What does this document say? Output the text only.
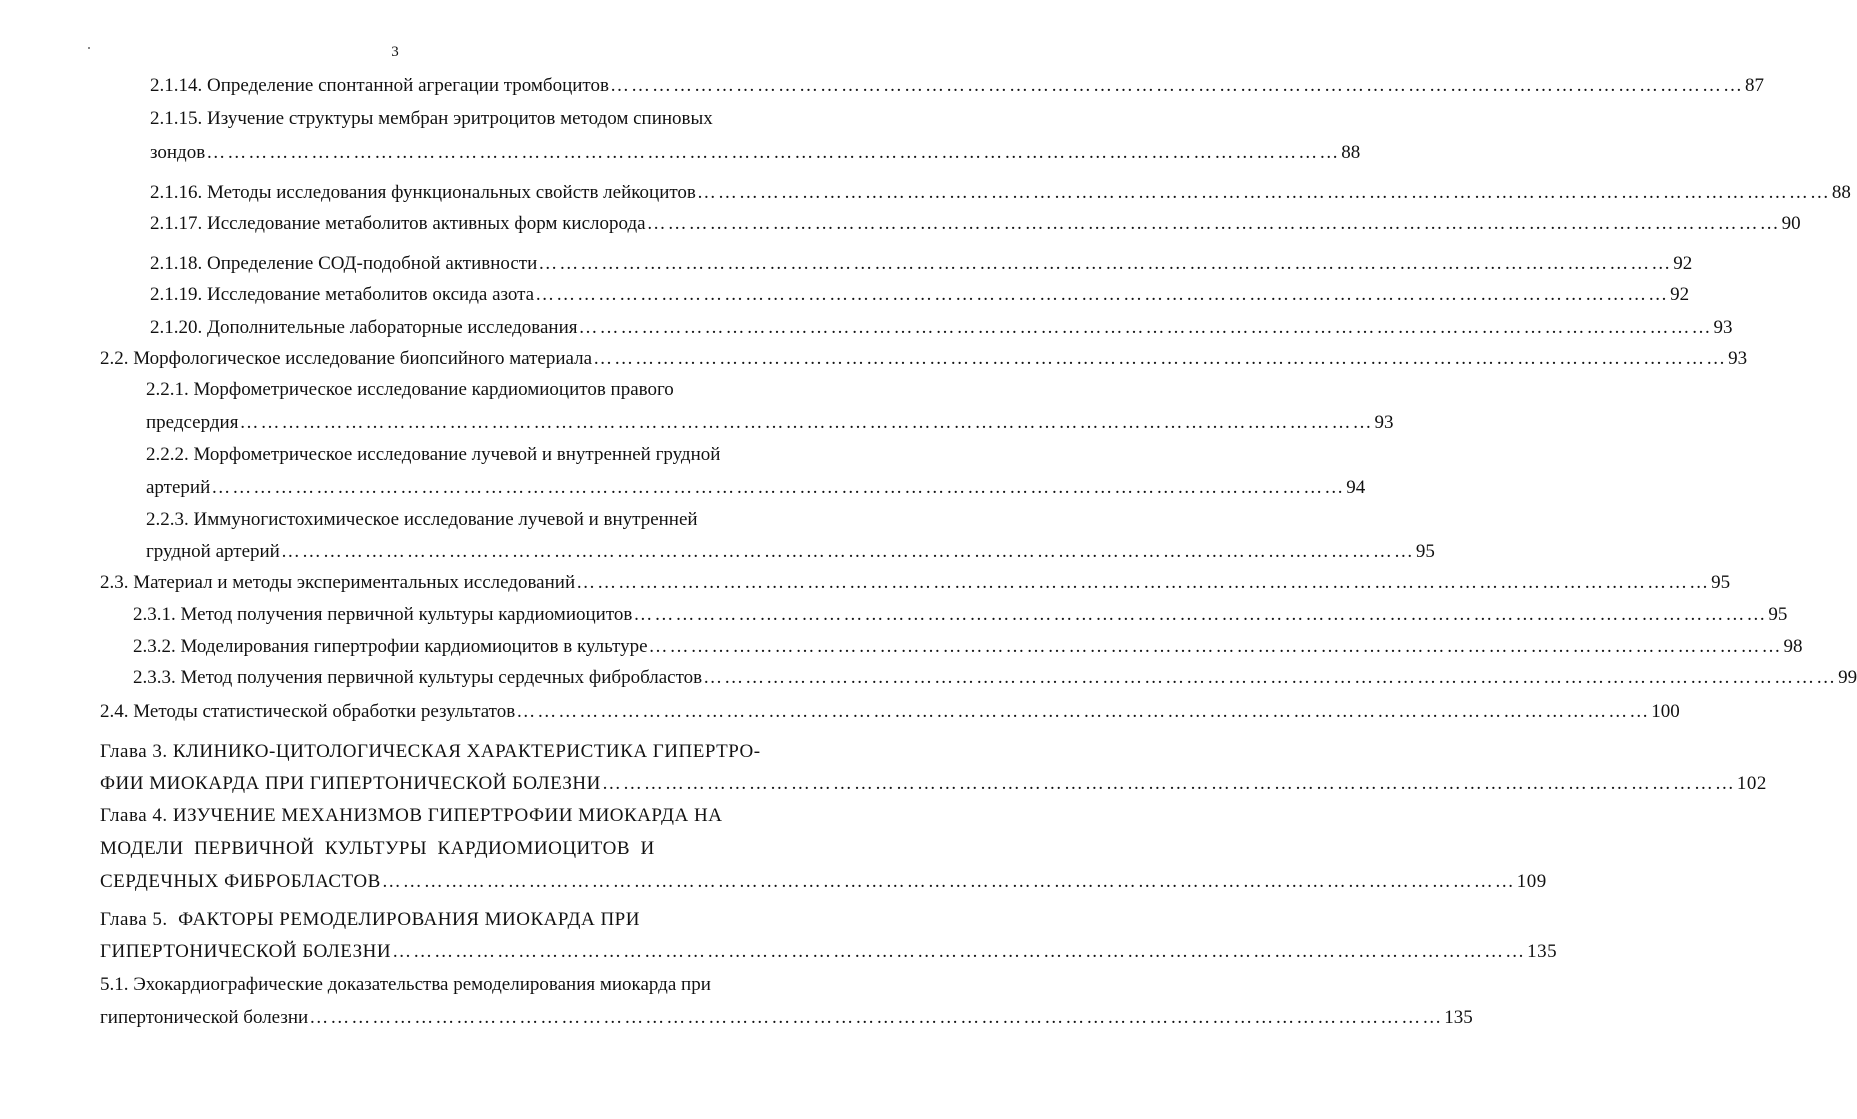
3
2.1.14. Определение спонтанной агрегации тромбоцитов ……………………………………………………………………………………………………………………………………………… 87
2.1.15. Изучение структуры мембран эритроцитов методом спиновых
зондов ……………………………………………………………………………………………………………………………………………… 88
2.1.16. Методы исследования функциональных свойств лейкоцитов ……………………………………………………………………………………………………………………………………………… 88
2.1.17. Исследование метаболитов активных форм кислорода ……………………………………………………………………………………………………………………………………………… 90
2.1.18. Определение СОД-подобной активности ……………………………………………………………………………………………………………………………………………… 92
2.1.19. Исследование метаболитов оксида азота ……………………………………………………………………………………………………………………………………………… 92
2.1.20. Дополнительные лабораторные исследования ……………………………………………………………………………………………………………………………………………… 93
2.2. Морфологическое исследование биопсийного материала ……………………………………………………………………………………………………………………………………………… 93
2.2.1. Морфометрическое исследование кардиомиоцитов правого
предсердия ……………………………………………………………………………………………………………………………………………… 93
2.2.2. Морфометрическое исследование лучевой и внутренней грудной
артерий ……………………………………………………………………………………………………………………………………………… 94
2.2.3. Иммуногистохимическое исследование лучевой и внутренней
грудной артерий ……………………………………………………………………………………………………………………………………………… 95
2.3. Материал и методы экспериментальных исследований ……………………………………………………………………………………………………………………………………………… 95
2.3.1. Метод получения первичной культуры кардиомиоцитов ……………………………………………………………………………………………………………………………………………… 95
2.3.2. Моделирования гипертрофии кардиомиоцитов в культуре ……………………………………………………………………………………………………………………………………………… 98
2.3.3. Метод получения первичной культуры сердечных фибробластов ……………………………………………………………………………………………………………………………………………… 99
2.4. Методы статистической обработки результатов ……………………………………………………………………………………………………………………………………………… 100
Глава 3. КЛИНИКО-ЦИТОЛОГИЧЕСКАЯ ХАРАКТЕРИСТИКА ГИПЕРТРО-
ФИИ МИОКАРДА ПРИ ГИПЕРТОНИЧЕСКОЙ БОЛЕЗНИ ……………………………………………………………………………………………………………………………………………… 102
Глава 4. ИЗУЧЕНИЕ МЕХАНИЗМОВ ГИПЕРТРОФИИ МИОКАРДА НА
МОДЕЛИ  ПЕРВИЧНОЙ  КУЛЬТУРЫ  КАРДИОМИОЦИТОВ  И
СЕРДЕЧНЫХ ФИБРОБЛАСТОВ ……………………………………………………………………………………………………………………………………………… 109
Глава 5.  ФАКТОРЫ РЕМОДЕЛИРОВАНИЯ МИОКАРДА ПРИ
ГИПЕРТОНИЧЕСКОЙ БОЛЕЗНИ ……………………………………………………………………………………………………………………………………………… 135
5.1. Эхокардиографические доказательства ремоделирования миокарда при
гипертонической болезни ……………………………………………………………………………………………………………………………………………… 135
